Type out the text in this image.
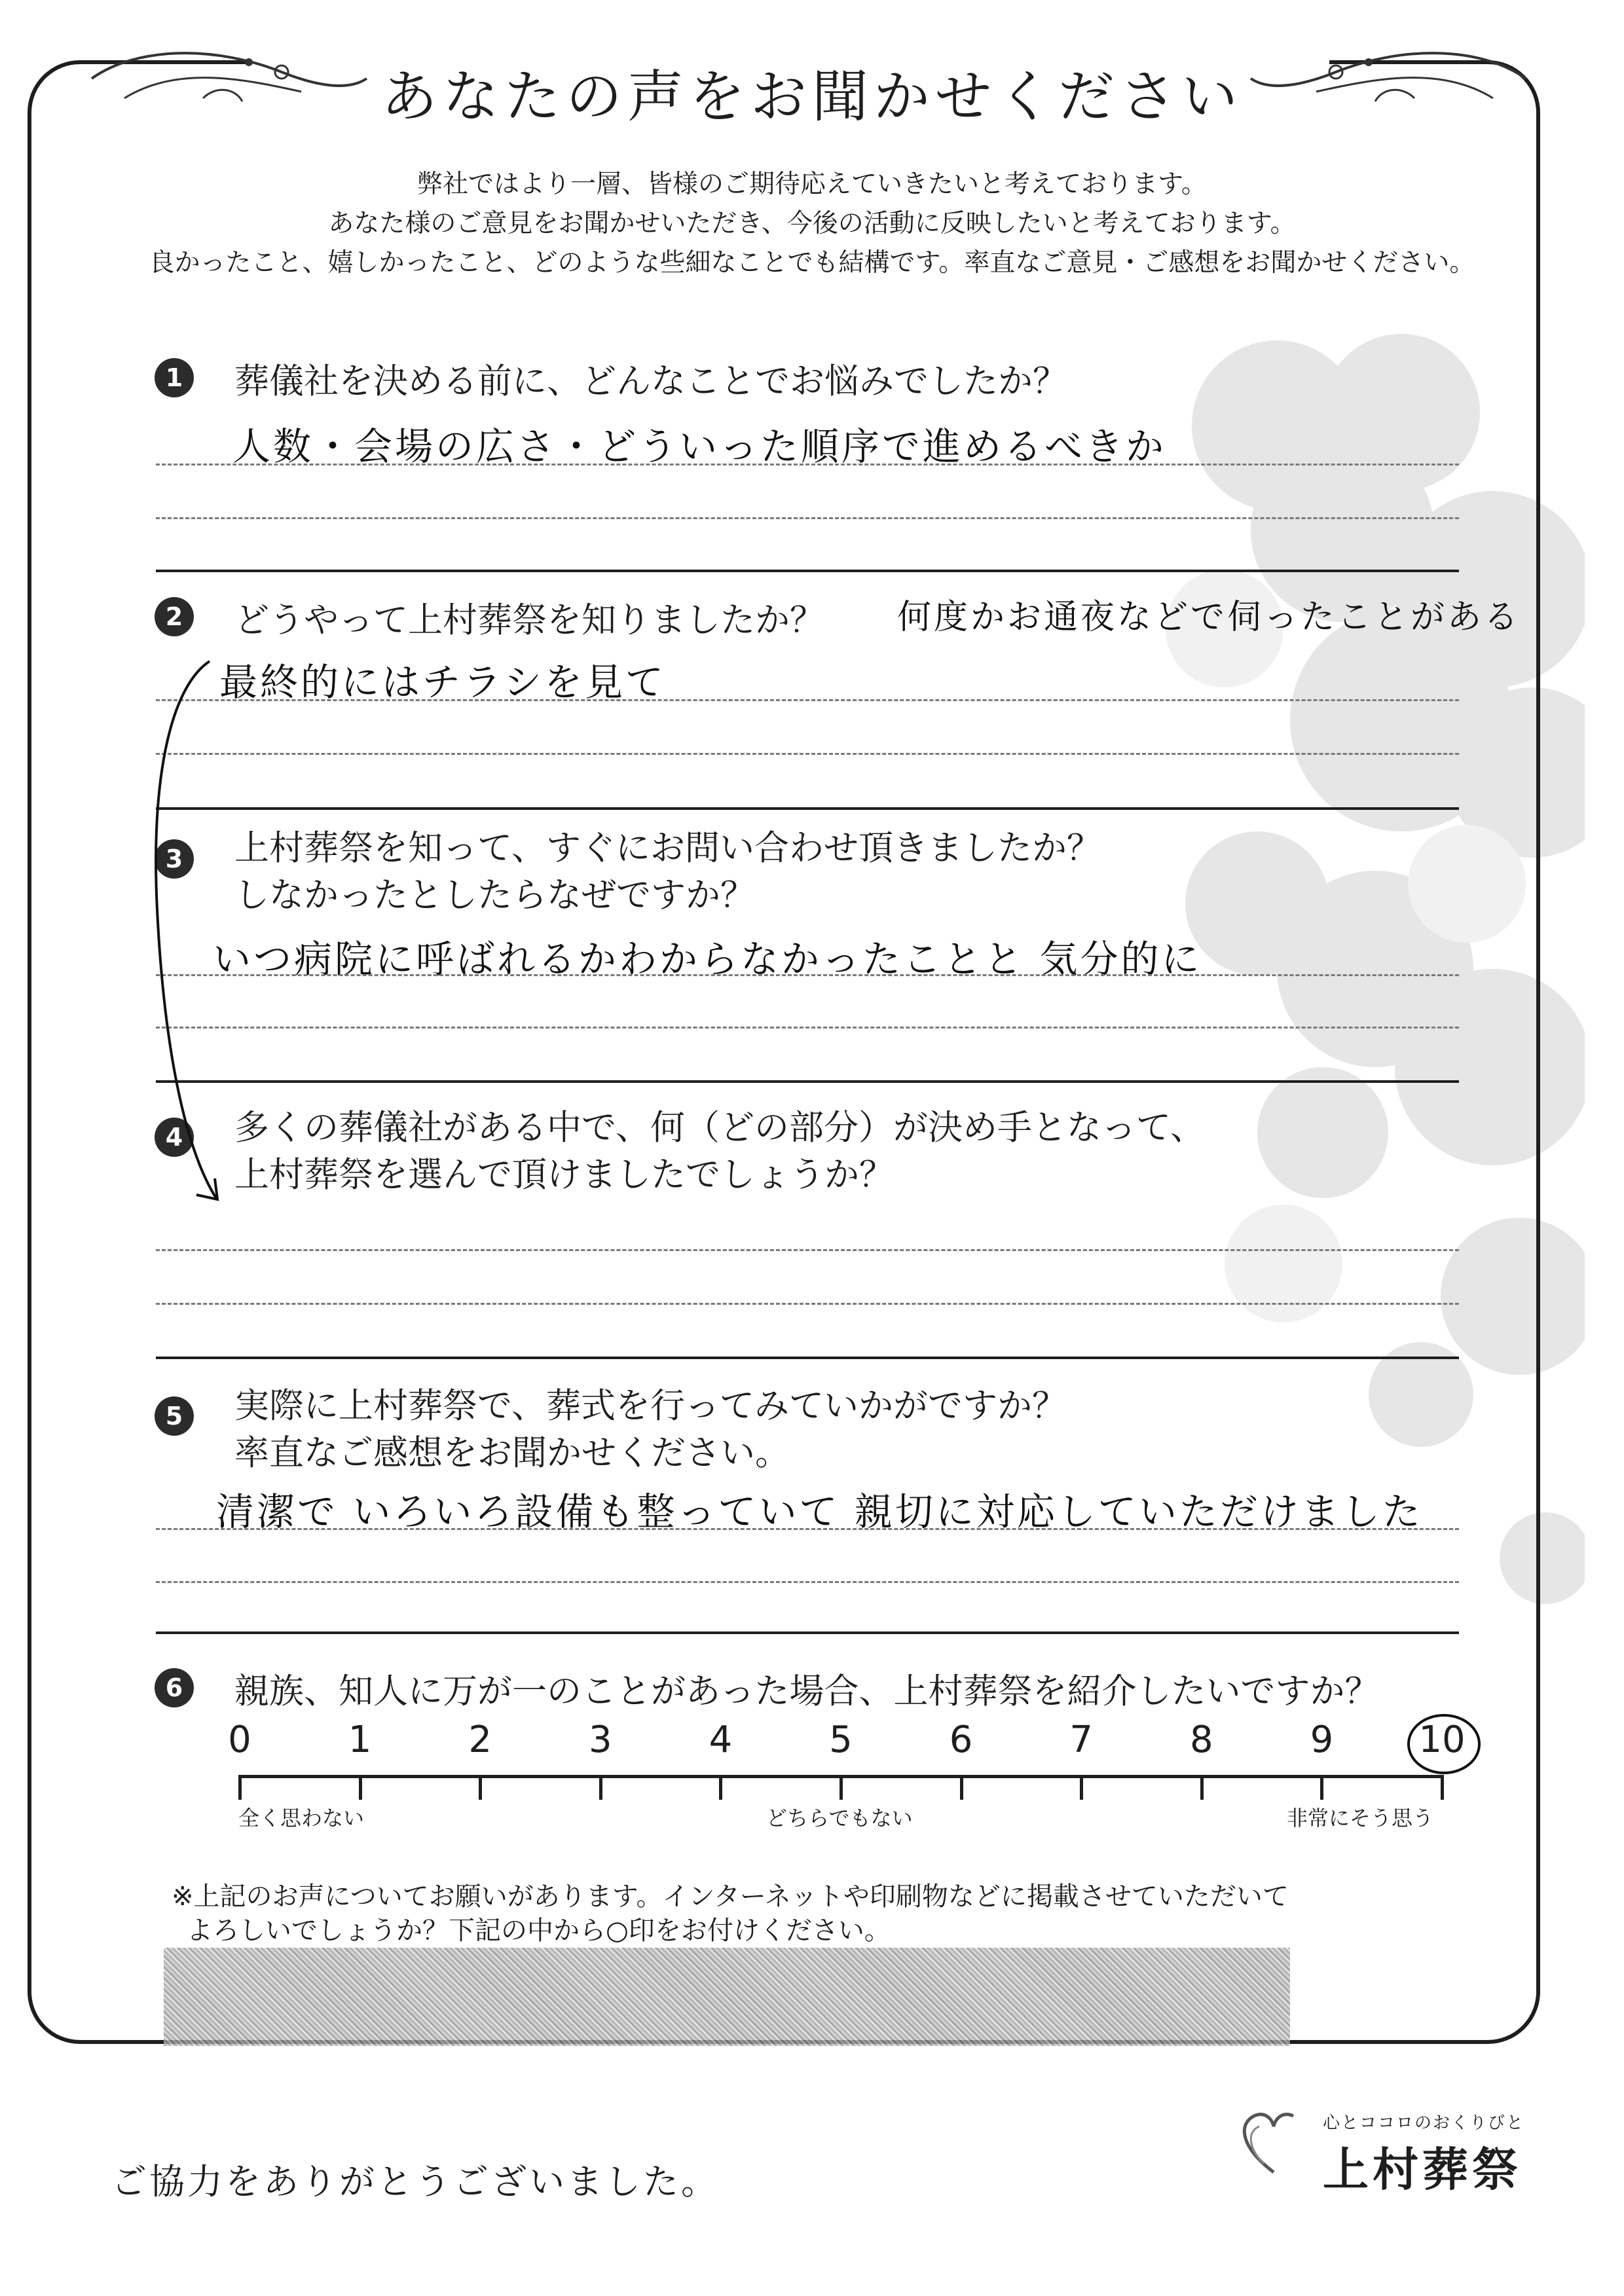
あなたの声をお聞かせください
弊社ではより一層、皆様のご期待応えていきたいと考えております。
あなた様のご意見をお聞かせいただき、今後の活動に反映したいと考えております。
良かったこと、嬉しかったこと、どのような些細なことでも結構です。率直なご意見・ご感想をお聞かせください。
1	葬儀社を決める前に、どんなことでお悩みでしたか？
人数・会場の広さ・どういった順序で進めるべきか
2	どうやって上村葬祭を知りましたか？ 何度かお通夜などで伺ったことがある
最終的にはチラシを見て
3	上村葬祭を知って、すぐにお問い合わせ頂きましたか？
しなかったとしたらなぜですか？
いつ病院に呼ばれるかわからなかったことと 気分的に
4	多くの葬儀社がある中で、何（どの部分）が決め手となって、
上村葬祭を選んで頂けましたでしょうか？
5	実際に上村葬祭で、葬式を行ってみていかがですか？
率直なご感想をお聞かせください。
清潔で いろいろ設備も整っていて 親切に対応していただけました
6	親族、知人に万が一のことがあった場合、上村葬祭を紹介したいですか？
0	1	2	3	4	5	6	7	8	9	10
全く思わない	どちらでもない	非常にそう思う
※上記のお声についてお願いがあります。インターネットや印刷物などに掲載させていただいて
よろしいでしょうか？下記の中から○印をお付けください。
ご協力をありがとうございました。
心とココロのおくりびと
上村葬祭
